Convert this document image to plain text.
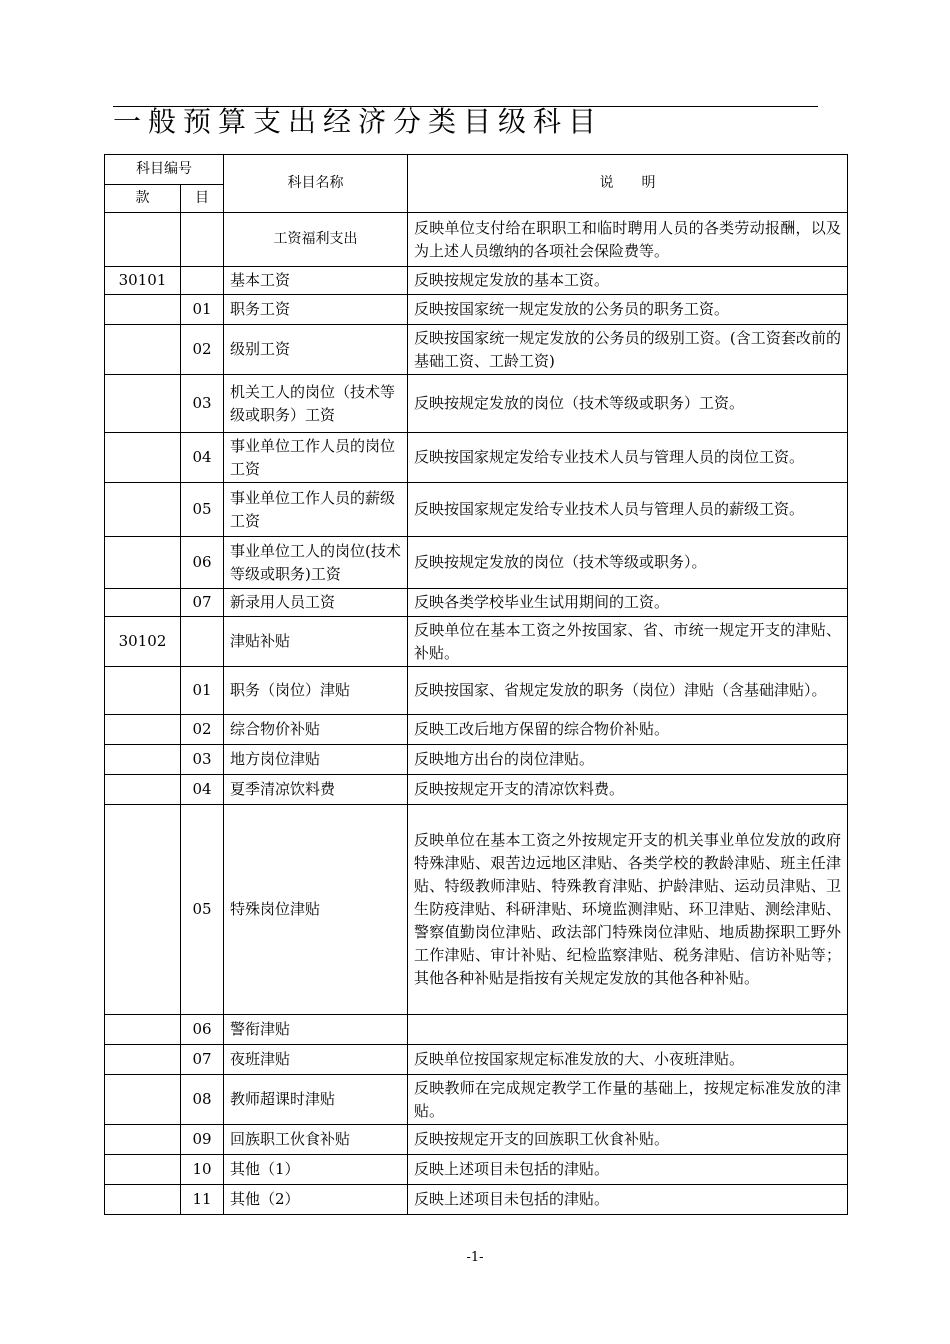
一般预算支出经济分类目级科目
科目编号		科目名称	说　　明
款	目		
		工资福利支出	反映单位支付给在职职工和临时聘用人员的各类劳动报酬，以及为上述人员缴纳的各项社会保险费等。
30101		基本工资	反映按规定发放的基本工资。
	01	职务工资	反映按国家统一规定发放的公务员的职务工资。
	02	级别工资	反映按国家统一规定发放的公务员的级别工资。(含工资套改前的基础工资、工龄工资)
	03	机关工人的岗位（技术等级或职务）工资	反映按规定发放的岗位（技术等级或职务）工资。
	04	事业单位工作人员的岗位工资	反映按国家规定发给专业技术人员与管理人员的岗位工资。
	05	事业单位工作人员的薪级工资	反映按国家规定发给专业技术人员与管理人员的薪级工资。
	06	事业单位工人的岗位(技术等级或职务)工资	反映按规定发放的岗位（技术等级或职务）。
	07	新录用人员工资	反映各类学校毕业生试用期间的工资。
30102		津贴补贴	反映单位在基本工资之外按国家、省、市统一规定开支的津贴、补贴。
	01	职务（岗位）津贴	反映按国家、省规定发放的职务（岗位）津贴（含基础津贴）。
	02	综合物价补贴	反映工改后地方保留的综合物价补贴。
	03	地方岗位津贴	反映地方出台的岗位津贴。
	04	夏季清凉饮料费	反映按规定开支的清凉饮料费。
	05	特殊岗位津贴	反映单位在基本工资之外按规定开支的机关事业单位发放的政府特殊津贴、艰苦边远地区津贴、各类学校的教龄津贴、班主任津贴、特级教师津贴、特殊教育津贴、护龄津贴、运动员津贴、卫生防疫津贴、科研津贴、环境监测津贴、环卫津贴、测绘津贴、警察值勤岗位津贴、政法部门特殊岗位津贴、地质勘探职工野外工作津贴、审计补贴、纪检监察津贴、税务津贴、信访补贴等；其他各种补贴是指按有关规定发放的其他各种补贴。
	06	警衔津贴	
	07	夜班津贴	反映单位按国家规定标准发放的大、小夜班津贴。
	08	教师超课时津贴	反映教师在完成规定教学工作量的基础上，按规定标准发放的津贴。
	09	回族职工伙食补贴	反映按规定开支的回族职工伙食补贴。
	10	其他（1）	反映上述项目未包括的津贴。
	11	其他（2）	反映上述项目未包括的津贴。
-1-
